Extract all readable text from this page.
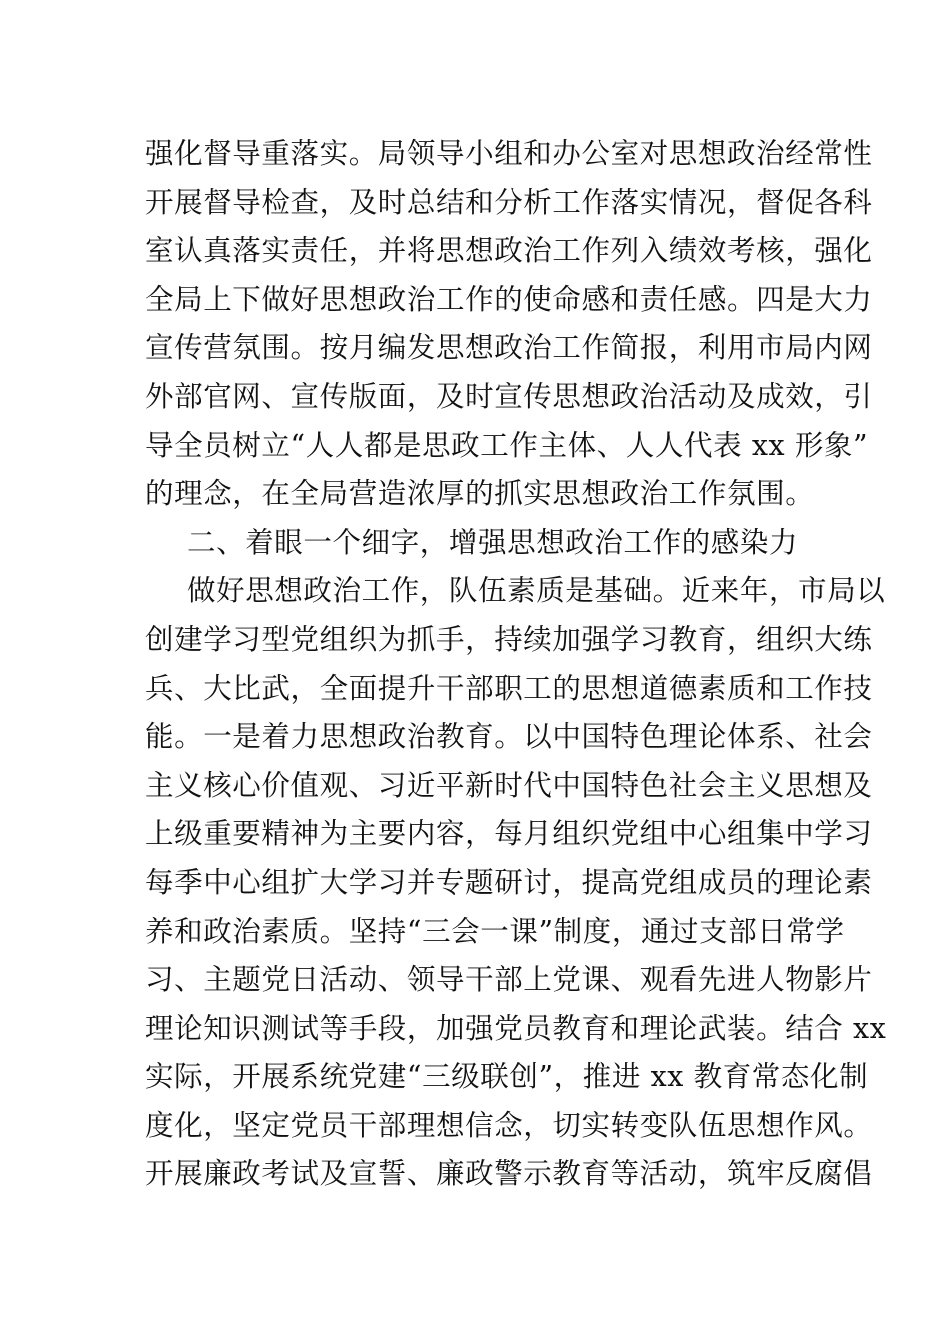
强化督导重落实。局领导小组和办公室对思想政治经常性
开展督导检查，及时总结和分析工作落实情况，督促各科
室认真落实责任，并将思想政治工作列入绩效考核，强化
全局上下做好思想政治工作的使命感和责任感。四是大力
宣传营氛围。按月编发思想政治工作简报，利用市局内网
外部官网、宣传版面，及时宣传思想政治活动及成效，引
导全员树立“人人都是思政工作主体、人人代表 xx 形象”
的理念，在全局营造浓厚的抓实思想政治工作氛围。
二、着眼一个细字，增强思想政治工作的感染力
做好思想政治工作，队伍素质是基础。近来年，市局以
创建学习型党组织为抓手，持续加强学习教育，组织大练
兵、大比武，全面提升干部职工的思想道德素质和工作技
能。一是着力思想政治教育。以中国特色理论体系、社会
主义核心价值观、习近平新时代中国特色社会主义思想及
上级重要精神为主要内容，每月组织党组中心组集中学习
每季中心组扩大学习并专题研讨，提高党组成员的理论素
养和政治素质。坚持“三会一课”制度，通过支部日常学
习、主题党日活动、领导干部上党课、观看先进人物影片
理论知识测试等手段，加强党员教育和理论武装。结合 xx
实际，开展系统党建“三级联创”，推进 xx 教育常态化制
度化，坚定党员干部理想信念，切实转变队伍思想作风。
开展廉政考试及宣誓、廉政警示教育等活动，筑牢反腐倡
